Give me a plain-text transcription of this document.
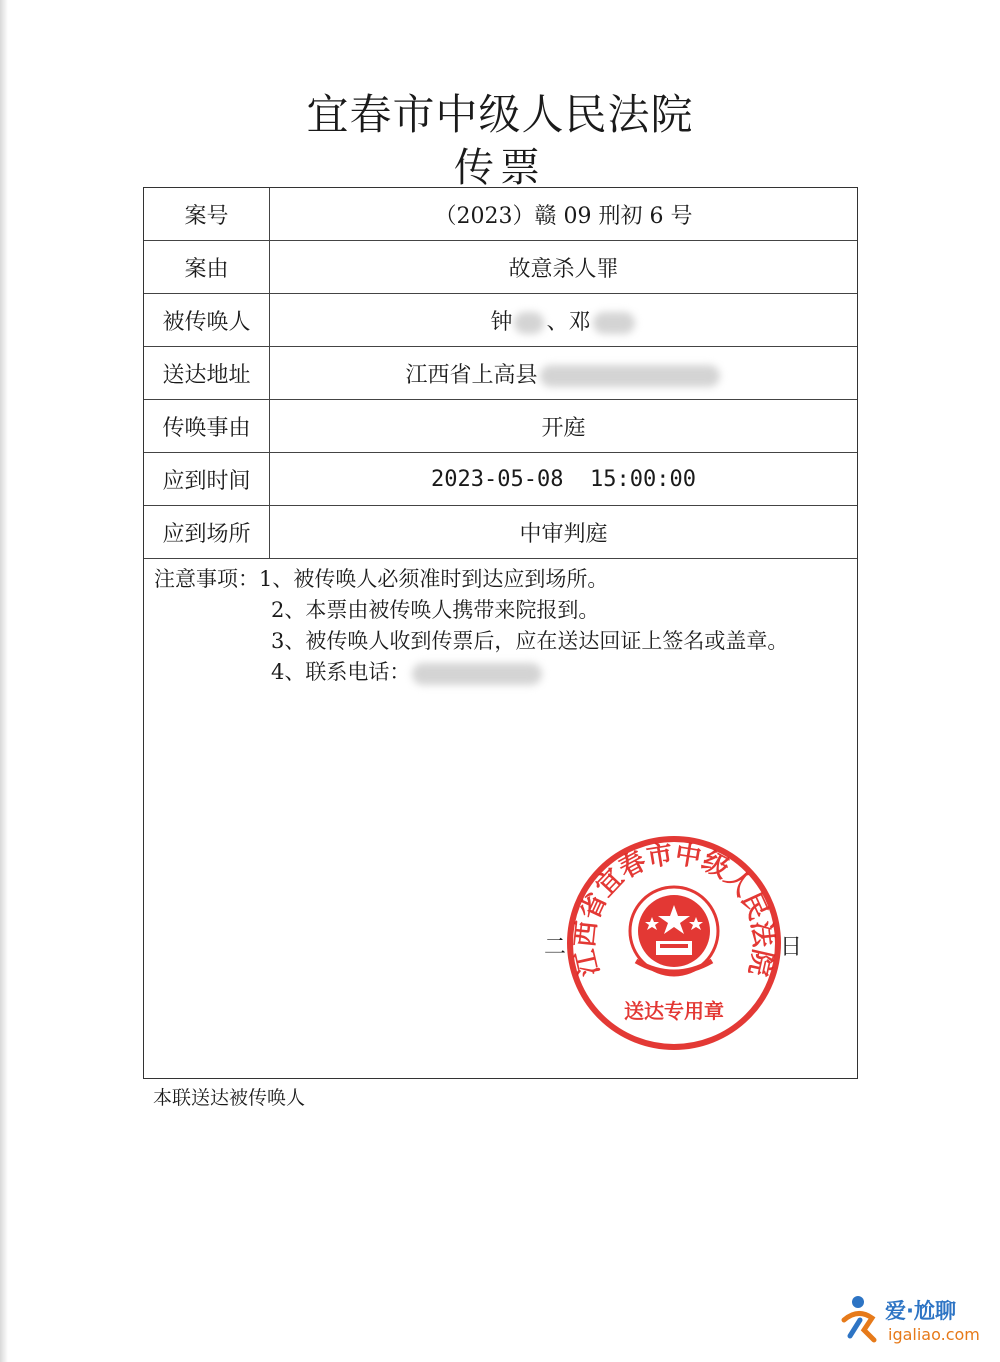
宜春市中级人民法院
传票
案号	（2023）赣 09 刑初 6 号
案由	故意杀人罪
被传唤人	钟 、邓
送达地址	江西省上高县
传唤事由	开庭
应到时间	2023-05-08  15:00:00
应到场所	中审判庭
注意事项：1、被传唤人必须准时到达应到场所。
2、本票由被传唤人携带来院报到。
3、被传唤人收到传票后，应在送达回证上签名或盖章。
4、联系电话：
二	日
江西省宜春市中级人民法院
送达专用章
本联送达被传唤人
爱·尬聊
igaliao.com
